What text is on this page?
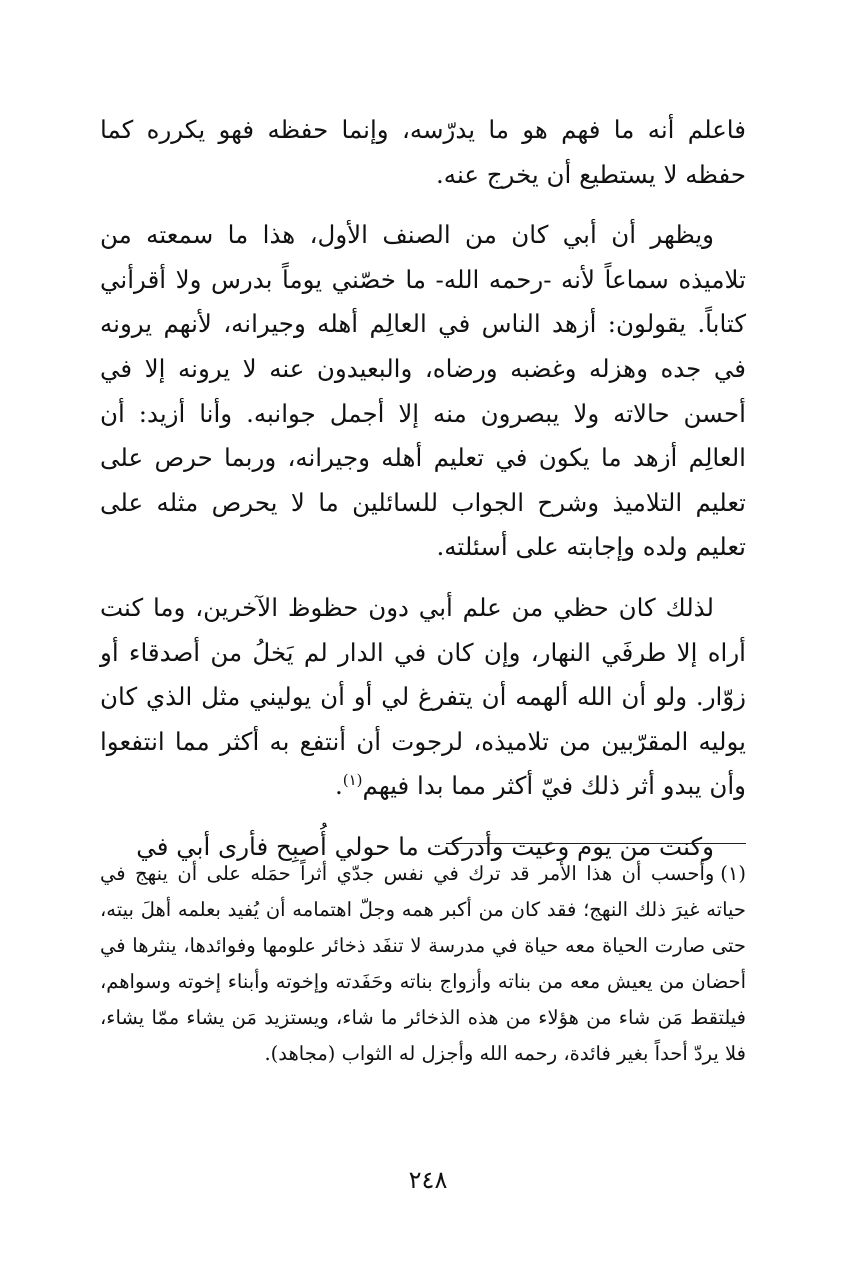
فاعلم أنه ما فهم هو ما يدرّسه، وإنما حفظه فهو يكرره كما حفظه لا يستطيع أن يخرج عنه.

ويظهر أن أبي كان من الصنف الأول، هذا ما سمعته من تلاميذه سماعاً لأنه -رحمه الله- ما خصّني يوماً بدرس ولا أقرأني كتاباً. يقولون: أزهد الناس في العالِم أهله وجيرانه، لأنهم يرونه في جده وهزله وغضبه ورضاه، والبعيدون عنه لا يرونه إلا في أحسن حالاته ولا يبصرون منه إلا أجمل جوانبه. وأنا أزيد: أن العالِم أزهد ما يكون في تعليم أهله وجيرانه، وربما حرص على تعليم التلاميذ وشرح الجواب للسائلين ما لا يحرص مثله على تعليم ولده وإجابته على أسئلته.

لذلك كان حظي من علم أبي دون حظوظ الآخرين، وما كنت أراه إلا طرفَي النهار، وإن كان في الدار لم يَخلُ من أصدقاء أو زوّار. ولو أن الله ألهمه أن يتفرغ لي أو أن يوليني مثل الذي كان يوليه المقرّبين من تلاميذه، لرجوت أن أنتفع به أكثر مما انتفعوا وأن يبدو أثر ذلك فيّ أكثر مما بدا فيهم$^{(١)}$.

وكنت من يوم وعيت وأدركت ما حولي أُصبِح فأرى أبي في

(١)وأحسب أن هذا الأمر قد ترك في نفس جدّي أثراً حمَله على أن ينهج في حياته غيرَ ذلك النهج؛ فقد كان من أكبر همه وجلّ اهتمامه أن يُفيد بعلمه أهلَ بيته، حتى صارت الحياة معه حياة في مدرسة لا تنفَد ذخائر علومها وفوائدها، ينثرها في أحضان من يعيش معه من بناته وأزواج بناته وحَفَدته وإخوته وأبناء إخوته وسواهم، فيلتقط مَن شاء من هؤلاء من هذه الذخائر ما شاء، ويستزيد مَن يشاء ممّا يشاء، فلا يردّ أحداً بغير فائدة، رحمه الله وأجزل له الثواب (مجاهد).
٢٤٨
